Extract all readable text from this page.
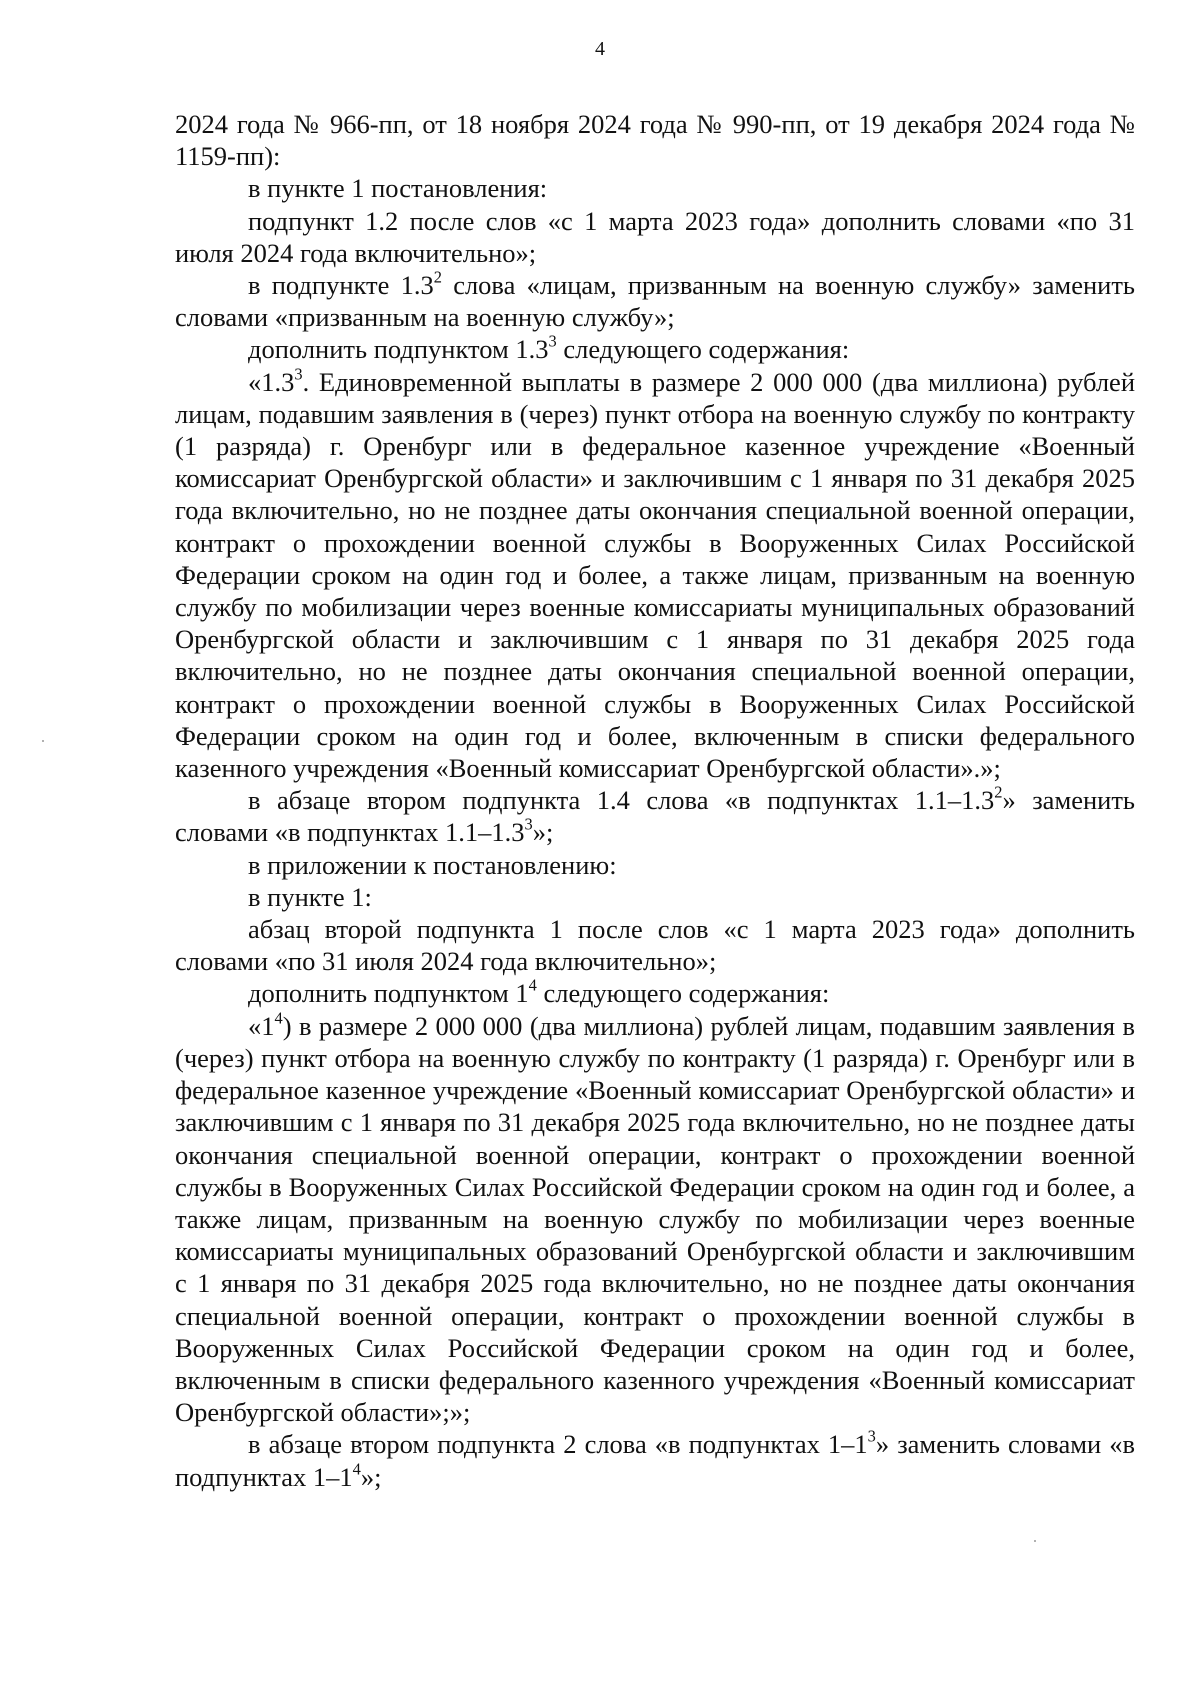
4

2024 года № 966-пп, от 18 ноября 2024 года № 990-пп, от 19 декабря 2024 года № 1159-пп):

в пункте 1 постановления:

подпункт 1.2 после слов «с 1 марта 2023 года» дополнить словами «по 31 июля 2024 года включительно»;

в подпункте $1.3^2$ слова «лицам, призванным на военную службу» заменить словами «призванным на военную службу»;

дополнить подпунктом $1.3^3$ следующего содержания:

«$1.3^3$. Единовременной выплаты в размере 2 000 000 (два миллиона) рублей лицам, подавшим заявления в (через) пункт отбора на военную службу по контракту (1 разряда) г. Оренбург или в федеральное казенное учреждение «Военный комиссариат Оренбургской области» и заключившим с 1 января по 31 декабря 2025 года включительно, но не позднее даты окончания специальной военной операции, контракт о прохождении военной службы в Вооруженных Силах Российской Федерации сроком на один год и более, а также лицам, призванным на военную службу по мобилизации через военные комиссариаты муниципальных образований Оренбургской области и заключившим с 1 января по 31 декабря 2025 года включительно, но не позднее даты окончания специальной военной операции, контракт о прохождении военной службы в Вооруженных Силах Российской Федерации сроком на один год и более, включенным в списки федерального казенного учреждения «Военный комиссариат Оренбургской области».»;

в абзаце втором подпункта 1.4 слова «в подпунктах $1.1-1.3^2$» заменить словами «в подпунктах $1.1-1.3^3$»;

в приложении к постановлению:

в пункте 1:

абзац второй подпункта 1 после слов «с 1 марта 2023 года» дополнить словами «по 31 июля 2024 года включительно»;

дополнить подпунктом $1^4$ следующего содержания:

«$1^4$) в размере 2 000 000 (два миллиона) рублей лицам, подавшим заявления в (через) пункт отбора на военную службу по контракту (1 разряда) г. Оренбург или в федеральное казенное учреждение «Военный комиссариат Оренбургской области» и заключившим с 1 января по 31 декабря 2025 года включительно, но не позднее даты окончания специальной военной операции, контракт о прохождении военной службы в Вооруженных Силах Российской Федерации сроком на один год и более, а также лицам, призванным на военную службу по мобилизации через военные комиссариаты муниципальных образований Оренбургской области и заключившим с 1 января по 31 декабря 2025 года включительно, но не позднее даты окончания специальной военной операции, контракт о прохождении военной службы в Вооруженных Силах Российской Федерации сроком на один год и более, включенным в списки федерального казенного учреждения «Военный комиссариат Оренбургской области»;»;

в абзаце втором подпункта 2 слова «в подпунктах $1-1^3$» заменить словами «в подпунктах $1-1^4$»;
